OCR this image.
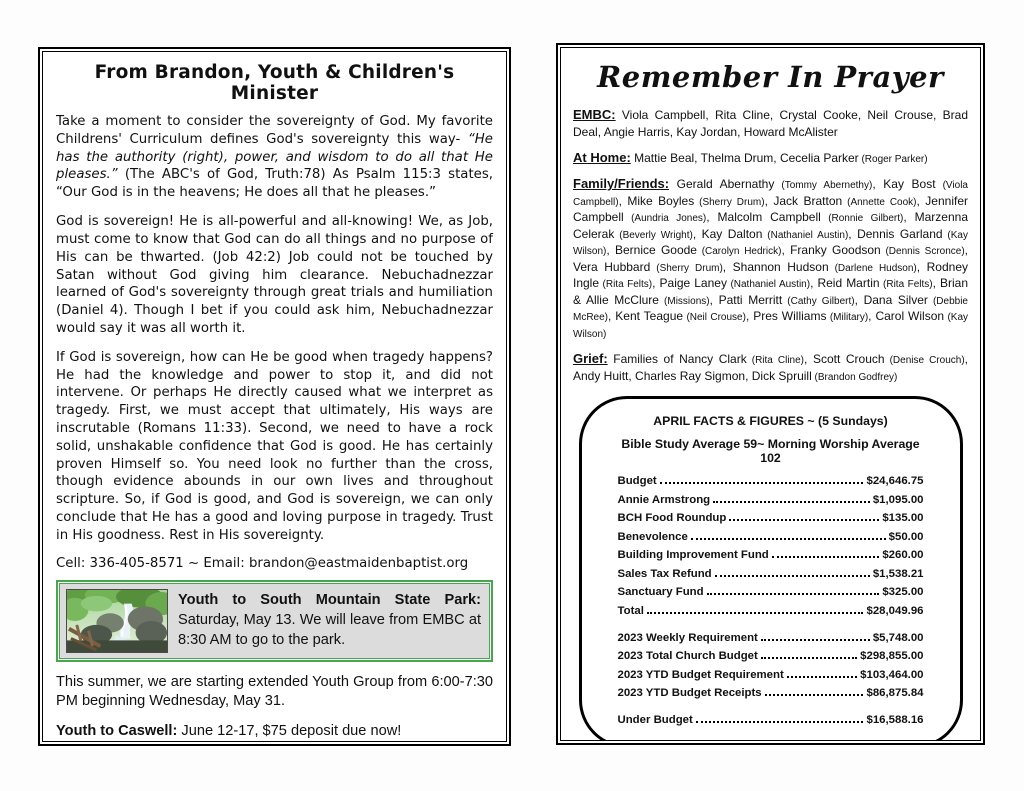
From Brandon, Youth & Children's Minister

Take a moment to consider the sovereignty of God. My favorite Childrens' Curriculum defines God's sovereignty this way- “He has the authority (right), power, and wisdom to do all that He pleases.” (The ABC's of God, Truth:78) As Psalm 115:3 states, “Our God is in the heavens; He does all that he pleases.”

God is sovereign! He is all-powerful and all-knowing! We, as Job, must come to know that God can do all things and no purpose of His can be thwarted. (Job 42:2) Job could not be touched by Satan without God giving him clearance. Nebuchadnezzar learned of God's sovereignty through great trials and humiliation (Daniel 4). Though I bet if you could ask him, Nebuchadnezzar would say it was all worth it.

If God is sovereign, how can He be good when tragedy happens? He had the knowledge and power to stop it, and did not intervene. Or perhaps He directly caused what we interpret as tragedy. First, we must accept that ultimately, His ways are inscrutable (Romans 11:33). Second, we need to have a rock solid, unshakable confidence that God is good. He has certainly proven Himself so. You need look no further than the cross, though evidence abounds in our own lives and throughout scripture. So, if God is good, and God is sovereign, we can only conclude that He has a good and loving purpose in tragedy. Trust in His goodness. Rest in His sovereignty.

Cell: 336-405-8571 ~ Email: brandon@eastmaidenbaptist.org
Youth to South Mountain State Park: Saturday, May 13. We will leave from EMBC at 8:30 AM to go to the park.

This summer, we are starting extended Youth Group from 6:00-7:30 PM beginning Wednesday, May 31.

Youth to Caswell: June 12-17, $75 deposit due now!

Remember In Prayer

EMBC: Viola Campbell, Rita Cline, Crystal Cooke, Neil Crouse, Brad Deal, Angie Harris, Kay Jordan, Howard McAlister

At Home: Mattie Beal, Thelma Drum, Cecelia Parker (Roger Parker)

Family/Friends: Gerald Abernathy (Tommy Abernethy), Kay Bost (Viola Campbell), Mike Boyles (Sherry Drum), Jack Bratton (Annette Cook), Jennifer Campbell (Aundria Jones), Malcolm Campbell (Ronnie Gilbert), Marzenna Celerak (Beverly Wright), Kay Dalton (Nathaniel Austin), Dennis Garland (Kay Wilson), Bernice Goode (Carolyn Hedrick), Franky Goodson (Dennis Scronce), Vera Hubbard (Sherry Drum), Shannon Hudson (Darlene Hudson), Rodney Ingle (Rita Felts), Paige Laney (Nathaniel Austin), Reid Martin (Rita Felts), Brian & Allie McClure (Missions), Patti Merritt (Cathy Gilbert), Dana Silver (Debbie McRee), Kent Teague (Neil Crouse), Pres Williams (Military), Carol Wilson (Kay Wilson)

Grief: Families of Nancy Clark (Rita Cline), Scott Crouch (Denise Crouch), Andy Huitt, Charles Ray Sigmon, Dick Spruill (Brandon Godfrey)

APRIL FACTS & FIGURES ~ (5 Sundays)
Bible Study Average 59~ Morning Worship Average 102
Budget	$24,646.75
Annie Armstrong	$1,095.00
BCH Food Roundup	$135.00
Benevolence	$50.00
Building Improvement Fund	$260.00
Sales Tax Refund	$1,538.21
Sanctuary Fund	$325.00
Total	$28,049.96
2023 Weekly Requirement	$5,748.00
2023 Total Church Budget	$298,855.00
2023 YTD Budget Requirement	$103,464.00
2023 YTD Budget Receipts	$86,875.84
Under Budget	$16,588.16
